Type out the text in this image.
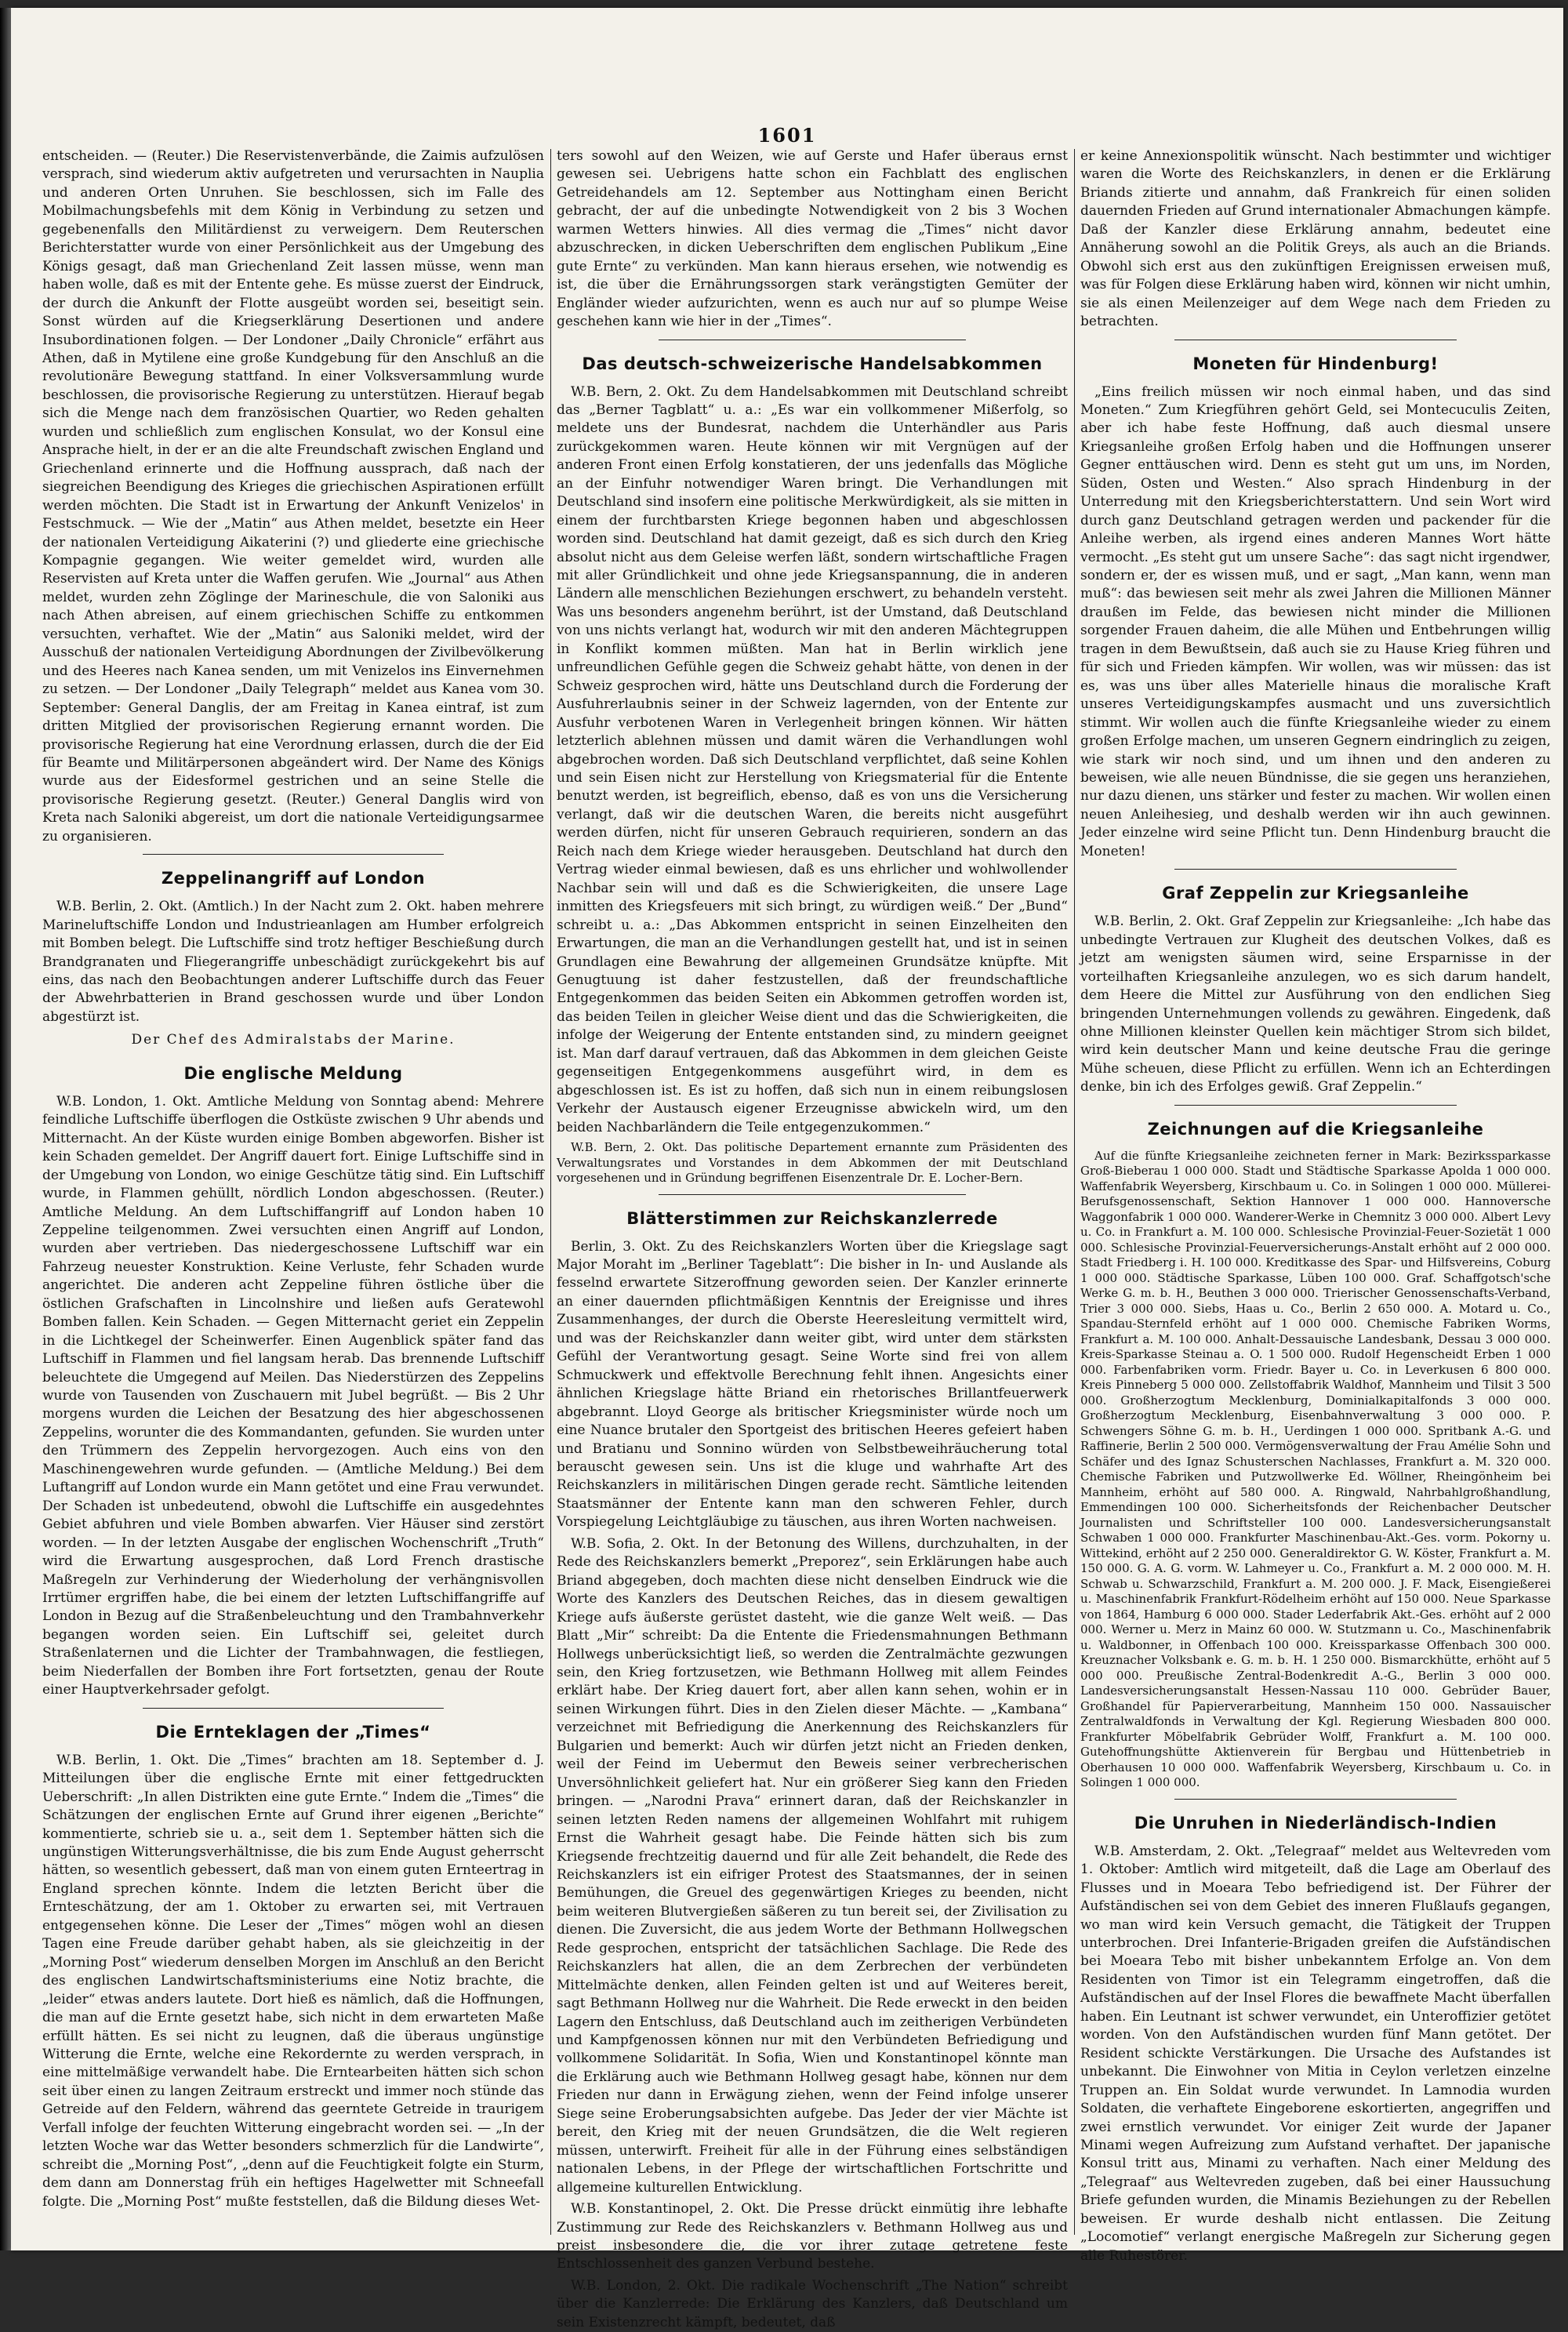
1601

entscheiden. — (Reuter.) Die Reservistenverbände, die Zaimis aufzulösen versprach, sind wiederum aktiv aufgetreten und verursachten in Naupliа und anderen Orten Unruhen. Sie beschlossen, sich im Falle des Mobilmachungsbefehls mit dem König in Verbindung zu setzen und gegebenenfalls den Militärdienst zu verweigern. Dem Reuterschen Berichterstatter wurde von einer Persönlichkeit aus der Umgebung des Königs gesagt, daß man Griechenland Zeit lassen müsse, wenn man haben wolle, daß es mit der Entente gehe. Es müsse zuerst der Eindruck, der durch die Ankunft der Flotte ausgeübt worden sei, beseitigt sein. Sonst würden auf die Kriegserklärung Desertionen und andere Insubordinationen folgen. — Der Londoner „Daily Chronicle“ erfährt aus Athen, daß in Mytilene eine große Kundgebung für den Anschluß an die revolutionäre Bewegung stattfand. In einer Volksversammlung wurde beschlossen, die provisorische Regierung zu unterstützen. Hierauf begab sich die Menge nach dem französischen Quartier, wo Reden gehalten wurden und schließlich zum englischen Konsulat, wo der Konsul eine Ansprache hielt, in der er an die alte Freundschaft zwischen England und Griechenland erinnerte und die Hoffnung aussprach, daß nach der siegreichen Beendigung des Krieges die griechischen Aspirationen erfüllt werden möchten. Die Stadt ist in Erwartung der Ankunft Venizelos' in Festschmuck. — Wie der „Matin“ aus Athen meldet, besetzte ein Heer der nationalen Verteidigung Aikaterini (?) und gliederte eine griechische Kompagnie gegangen. Wie weiter gemeldet wird, wurden alle Reservisten auf Kreta unter die Waffen gerufen. Wie „Journal“ aus Athen meldet, wurden zehn Zöglinge der Marineschule, die von Saloniki aus nach Athen abreisen, auf einem griechischen Schiffe zu entkommen versuchten, verhaftet. Wie der „Matin“ aus Saloniki meldet, wird der Ausschuß der nationalen Verteidigung Abordnungen der Zivilbevölkerung und des Heeres nach Kanea senden, um mit Venizelos ins Einvernehmen zu setzen. — Der Londoner „Daily Telegraph“ meldet aus Kanea vom 30. September: General Danglis, der am Freitag in Kanea eintraf, ist zum dritten Mitglied der provisorischen Regierung ernannt worden. Die provisorische Regierung hat eine Verordnung erlassen, durch die der Eid für Beamte und Militärpersonen abgeändert wird. Der Name des Königs wurde aus der Eidesformel gestrichen und an seine Stelle die provisorische Regierung gesetzt. (Reuter.) General Danglis wird von Kreta nach Saloniki abgereist, um dort die nationale Verteidigungsarmee zu organisieren.

Zeppelinangriff auf London

W.B. Berlin, 2. Okt. (Amtlich.) In der Nacht zum 2. Okt. haben mehrere Marineluftschiffe London und Industrieanlagen am Humber erfolgreich mit Bomben belegt. Die Luftschiffe sind trotz heftiger Beschießung durch Brandgranaten und Fliegerangriffe unbeschädigt zurückgekehrt bis auf eins, das nach den Beobachtungen anderer Luftschiffe durch das Feuer der Abwehrbatterien in Brand geschossen wurde und über London abgestürzt ist.

Der Chef des Admiralstabs der Marine.

Die englische Meldung

W.B. London, 1. Okt. Amtliche Meldung von Sonntag abend: Mehrere feindliche Luftschiffe überflogen die Ostküste zwischen 9 Uhr abends und Mitternacht. An der Küste wurden einige Bomben abgeworfen. Bisher ist kein Schaden gemeldet. Der Angriff dauert fort. Einige Luftschiffe sind in der Umgebung von London, wo einige Geschütze tätig sind. Ein Luftschiff wurde, in Flammen gehüllt, nördlich London abgeschossen. (Reuter.) Amtliche Meldung. An dem Luftschiffangriff auf London haben 10 Zeppeline teilgenommen. Zwei versuchten einen Angriff auf London, wurden aber vertrieben. Das niedergeschossene Luftschiff war ein Fahrzeug neuester Konstruktion. Keine Verluste, fehr Schaden wurde angerichtet. Die anderen acht Zeppeline führen östliche über die östlichen Grafschaften in Lincolnshire und ließen aufs Geratewohl Bomben fallen. Kein Schaden. — Gegen Mitternacht geriet ein Zeppelin in die Lichtkegel der Scheinwerfer. Einen Augenblick später fand das Luftschiff in Flammen und fiel langsam herab. Das brennende Luftschiff beleuchtete die Umgegend auf Meilen. Das Niederstürzen des Zeppelins wurde von Tausenden von Zuschauern mit Jubel begrüßt. — Bis 2 Uhr morgens wurden die Leichen der Besatzung des hier abgeschossenen Zeppelins, worunter die des Kommandanten, gefunden. Sie wurden unter den Trümmern des Zeppelin hervorgezogen. Auch eins von den Maschinengewehren wurde gefunden. — (Amtliche Meldung.) Bei dem Luftangriff auf London wurde ein Mann getötet und eine Frau verwundet. Der Schaden ist unbedeutend, obwohl die Luftschiffe ein ausgedehntes Gebiet abfuhren und viele Bomben abwarfen. Vier Häuser sind zerstört worden. — In der letzten Ausgabe der englischen Wochenschrift „Truth“ wird die Erwartung ausgesprochen, daß Lord French drastische Maßregeln zur Verhinderung der Wiederholung der verhängnisvollen Irrtümer ergriffen habe, die bei einem der letzten Luftschiffangriffe auf London in Bezug auf die Straßenbeleuchtung und den Trambahnverkehr begangen worden seien. Ein Luftschiff sei, geleitet durch Straßenlaternen und die Lichter der Trambahnwagen, die festliegen, beim Niederfallen der Bomben ihre Fort fortsetzten, genau der Route einer Hauptverkehrsader gefolgt.

Die Ernteklagen der „Times“

W.B. Berlin, 1. Okt. Die „Times“ brachten am 18. September d. J. Mitteilungen über die englische Ernte mit einer fettgedruckten Ueberschrift: „In allen Distrikten eine gute Ernte.“ Indem die „Times“ die Schätzungen der englischen Ernte auf Grund ihrer eigenen „Berichte“ kommentierte, schrieb sie u. a., seit dem 1. September hätten sich die ungünstigen Witterungsverhältnisse, die bis zum Ende August geherrscht hätten, so wesentlich gebessert, daß man von einem guten Ernteertrag in England sprechen könnte. Indem die letzten Bericht über die Ernteschätzung, der am 1. Oktober zu erwarten sei, mit Vertrauen entgegensehen könne. Die Leser der „Times“ mögen wohl an diesen Tagen eine Freude darüber gehabt haben, als sie gleichzeitig in der „Morning Post“ wiederum denselben Morgen im Anschluß an den Bericht des englischen Landwirtschaftsministeriums eine Notiz brachte, die „leider“ etwas anders lautete. Dort hieß es nämlich, daß die Hoffnungen, die man auf die Ernte gesetzt habe, sich nicht in dem erwarteten Maße erfüllt hätten. Es sei nicht zu leugnen, daß die überaus ungünstige Witterung die Ernte, welche eine Rekordernte zu werden versprach, in eine mittelmäßige verwandelt habe. Die Erntearbeiten hätten sich schon seit über einen zu langen Zeitraum erstreckt und immer noch stünde das Getreide auf den Feldern, während das geerntete Getreide in traurigem Verfall infolge der feuchten Witterung eingebracht worden sei. — „In der letzten Woche war das Wetter besonders schmerzlich für die Landwirte“, schreibt die „Morning Post“, „denn auf die Feuchtigkeit folgte ein Sturm, dem dann am Donnerstag früh ein heftiges Hagelwetter mit Schneefall folgte. Die „Morning Post“ mußte feststellen, daß die Bildung dieses Wet-

ters sowohl auf den Weizen, wie auf Gerste und Hafer überaus ernst gewesen sei. Uebrigens hatte schon ein Fachblatt des englischen Getreidehandels am 12. September aus Nottingham einen Bericht gebracht, der auf die unbedingte Notwendigkeit von 2 bis 3 Wochen warmen Wetters hinwies. All dies vermag die „Times“ nicht davor abzuschrecken, in dicken Ueberschriften dem englischen Publikum „Eine gute Ernte“ zu verkünden. Man kann hieraus ersehen, wie notwendig es ist, die über die Ernährungssorgen stark verängstigten Gemüter der Engländer wieder aufzurichten, wenn es auch nur auf so plumpe Weise geschehen kann wie hier in der „Times“.

Das deutsch-schweizerische Handelsabkommen

W.B. Bern, 2. Okt. Zu dem Handelsabkommen mit Deutschland schreibt das „Berner Tagblatt“ u. a.: „Es war ein vollkommener Mißerfolg, so meldete uns der Bundesrat, nachdem die Unterhändler aus Paris zurückgekommen waren. Heute können wir mit Vergnügen auf der anderen Front einen Erfolg konstatieren, der uns jedenfalls das Mögliche an der Einfuhr notwendiger Waren bringt. Die Verhandlungen mit Deutschland sind insofern eine politische Merkwürdigkeit, als sie mitten in einem der furchtbarsten Kriege begonnen haben und abgeschlossen worden sind. Deutschland hat damit gezeigt, daß es sich durch den Krieg absolut nicht aus dem Geleise werfen läßt, sondern wirtschaftliche Fragen mit aller Gründlichkeit und ohne jede Kriegsanspannung, die in anderen Ländern alle menschlichen Beziehungen erschwert, zu behandeln versteht. Was uns besonders angenehm berührt, ist der Umstand, daß Deutschland von uns nichts verlangt hat, wodurch wir mit den anderen Mächtegruppen in Konflikt kommen müßten. Man hat in Berlin wirklich jene unfreundlichen Gefühle gegen die Schweiz gehabt hätte, von denen in der Schweiz gesprochen wird, hätte uns Deutschland durch die Forderung der Ausfuhrerlaubnis seiner in der Schweiz lagernden, von der Entente zur Ausfuhr verbotenen Waren in Verlegenheit bringen können. Wir hätten letzterlich ablehnen müssen und damit wären die Verhandlungen wohl abgebrochen worden. Daß sich Deutschland verpflichtet, daß seine Kohlen und sein Eisen nicht zur Herstellung von Kriegsmaterial für die Entente benutzt werden, ist begreiflich, ebenso, daß es von uns die Versicherung verlangt, daß wir die deutschen Waren, die bereits nicht ausgeführt werden dürfen, nicht für unseren Gebrauch requirieren, sondern an das Reich nach dem Kriege wieder herausgeben. Deutschland hat durch den Vertrag wieder einmal bewiesen, daß es uns ehrlicher und wohlwollender Nachbar sein will und daß es die Schwierigkeiten, die unsere Lage inmitten des Kriegsfeuers mit sich bringt, zu würdigen weiß.“ Der „Bund“ schreibt u. a.: „Das Abkommen entspricht in seinen Einzelheiten den Erwartungen, die man an die Verhandlungen gestellt hat, und ist in seinen Grundlagen eine Bewahrung der allgemeinen Grundsätze knüpfte. Mit Genugtuung ist daher festzustellen, daß der freundschaftliche Entgegenkommen das beiden Seiten ein Abkommen getroffen worden ist, das beiden Teilen in gleicher Weise dient und das die Schwierigkeiten, die infolge der Weigerung der Entente entstanden sind, zu mindern geeignet ist. Man darf darauf vertrauen, daß das Abkommen in dem gleichen Geiste gegenseitigen Entgegenkommens ausgeführt wird, in dem es abgeschlossen ist. Es ist zu hoffen, daß sich nun in einem reibungslosen Verkehr der Austausch eigener Erzeugnisse abwickeln wird, um den beiden Nachbarländern die Teile entgegenzukommen.“

W.B. Bern, 2. Okt. Das politische Departement ernannte zum Präsidenten des Verwaltungsrates und Vorstandes in dem Abkommen der mit Deutschland vorgesehenen und in Gründung begriffenen Eisenzentrale Dr. E. Locher-Bern.

Blätterstimmen zur Reichskanzlerrede

Berlin, 3. Okt. Zu des Reichskanzlers Worten über die Kriegslage sagt Major Moraht im „Berliner Tageblatt“: Die bisher in In- und Auslande als fesselnd erwartete Sitzeroffnung geworden seien. Der Kanzler erinnerte an einer dauernden pflichtmäßigen Kenntnis der Ereignisse und ihres Zusammenhanges, der durch die Oberste Heeresleitung vermittelt wird, und was der Reichskanzler dann weiter gibt, wird unter dem stärksten Gefühl der Verantwortung gesagt. Seine Worte sind frei von allem Schmuckwerk und effektvolle Berechnung fehlt ihnen. Angesichts einer ähnlichen Kriegslage hätte Briand ein rhetorisches Brillantfeuerwerk abgebrannt. Lloyd George als britischer Kriegsminister würde noch um eine Nuance brutaler den Sportgeist des britischen Heeres gefeiert haben und Bratianu und Sonnino würden von Selbstbeweihräucherung total berauscht gewesen sein. Uns ist die kluge und wahrhafte Art des Reichskanzlers in militärischen Dingen gerade recht. Sämtliche leitenden Staatsmänner der Entente kann man den schweren Fehler, durch Vorspiegelung Leichtgläubige zu täuschen, aus ihren Worten nachweisen.

W.B. Sofia, 2. Okt. In der Betonung des Willens, durchzuhalten, in der Rede des Reichskanzlers bemerkt „Preporez“, sein Erklärungen habe auch Briand abgegeben, doch machten diese nicht denselben Eindruck wie die Worte des Kanzlers des Deutschen Reiches, das in diesem gewaltigen Kriege aufs äußerste gerüstet dasteht, wie die ganze Welt weiß. — Das Blatt „Mir“ schreibt: Da die Entente die Friedensmahnungen Bethmann Hollwegs unberücksichtigt ließ, so werden die Zentralmächte gezwungen sein, den Krieg fortzusetzen, wie Bethmann Hollweg mit allem Feindes erklärt habe. Der Krieg dauert fort, aber allen kann sehen, wohin er in seinen Wirkungen führt. Dies in den Zielen dieser Mächte. — „Kambana“ verzeichnet mit Befriedigung die Anerkennung des Reichskanzlers für Bulgarien und bemerkt: Auch wir dürfen jetzt nicht an Frieden denken, weil der Feind im Uebermut den Beweis seiner verbrecherischen Unversöhnlichkeit geliefert hat. Nur ein größerer Sieg kann den Frieden bringen. — „Narodni Prava“ erinnert daran, daß der Reichskanzler in seinen letzten Reden namens der allgemeinen Wohlfahrt mit ruhigem Ernst die Wahrheit gesagt habe. Die Feinde hätten sich bis zum Kriegsende frechtzeitig dauernd und für alle Zeit behandelt, die Rede des Reichskanzlers ist ein eifriger Protest des Staatsmannes, der in seinen Bemühungen, die Greuel des gegenwärtigen Krieges zu beenden, nicht beim weiteren Blutvergießen säßeren zu tun bereit sei, der Zivilisation zu dienen. Die Zuversicht, die aus jedem Worte der Bethmann Hollwegschen Rede gesprochen, entspricht der tatsächlichen Sachlage. Die Rede des Reichskanzlers hat allen, die an dem Zerbrechen der verbündeten Mittelmächte denken, allen Feinden gelten ist und auf Weiteres bereit, sagt Bethmann Hollweg nur die Wahrheit. Die Rede erweckt in den beiden Lagern den Entschluss, daß Deutschland auch im zeitherigen Verbündeten und Kampfgenossen können nur mit den Verbündeten Befriedigung und vollkommene Solidarität. In Sofia, Wien und Konstantinopel könnte man die Erklärung auch wie Bethmann Hollweg gesagt habe, können nur dem Frieden nur dann in Erwägung ziehen, wenn der Feind infolge unserer Siege seine Eroberungsabsichten aufgebe. Das Jeder der vier Mächte ist bereit, den Krieg mit der neuen Grundsätzen, die die Welt regieren müssen, unterwirft. Freiheit für alle in der Führung eines selbständigen nationalen Lebens, in der Pflege der wirtschaftlichen Fortschritte und allgemeine kulturellen Entwicklung.

W.B. Konstantinopel, 2. Okt. Die Presse drückt einmütig ihre lebhafte Zustimmung zur Rede des Reichskanzlers v. Bethmann Hollweg aus und preist insbesondere die, die vor ihrer zutage getretene feste Entschlossenheit des ganzen Verbund bestehe.

W.B. London, 2. Okt. Die radikale Wochenschrift „The Nation“ schreibt über die Kanzlerrede: Die Erklärung des Kanzlers, daß Deutschland um sein Existenzrecht kämpft, bedeutet, daß

er keine Annexionspolitik wünscht. Nach bestimmter und wichtiger waren die Worte des Reichskanzlers, in denen er die Erklärung Briands zitierte und annahm, daß Frankreich für einen soliden dauernden Frieden auf Grund internationaler Abmachungen kämpfe. Daß der Kanzler diese Erklärung annahm, bedeutet eine Annäherung sowohl an die Politik Greys, als auch an die Briands. Obwohl sich erst aus den zukünftigen Ereignissen erweisen muß, was für Folgen diese Erklärung haben wird, können wir nicht umhin, sie als einen Meilenzeiger auf dem Wege nach dem Frieden zu betrachten.

Moneten für Hindenburg!

„Eins freilich müssen wir noch einmal haben, und das sind Moneten.“ Zum Kriegführen gehört Geld, sei Montecuculis Zeiten, aber ich habe feste Hoffnung, daß auch diesmal unsere Kriegsanleihe großen Erfolg haben und die Hoffnungen unserer Gegner enttäuschen wird. Denn es steht gut um uns, im Norden, Süden, Osten und Westen.“ Also sprach Hindenburg in der Unterredung mit den Kriegsberichterstattern. Und sein Wort wird durch ganz Deutschland getragen werden und packender für die Anleihe werben, als irgend eines anderen Mannes Wort hätte vermocht. „Es steht gut um unsere Sache“: das sagt nicht irgendwer, sondern er, der es wissen muß, und er sagt, „Man kann, wenn man muß“: das bewiesen seit mehr als zwei Jahren die Millionen Männer draußen im Felde, das bewiesen nicht minder die Millionen sorgender Frauen daheim, die alle Mühen und Entbehrungen willig tragen in dem Bewußtsein, daß auch sie zu Hause Krieg führen und für sich und Frieden kämpfen. Wir wollen, was wir müssen: das ist es, was uns über alles Materielle hinaus die moralische Kraft unseres Verteidigungskampfes ausmacht und uns zuversichtlich stimmt. Wir wollen auch die fünfte Kriegsanleihe wieder zu einem großen Erfolge machen, um unseren Gegnern eindringlich zu zeigen, wie stark wir noch sind, und um ihnen und den anderen zu beweisen, wie alle neuen Bündnisse, die sie gegen uns heranziehen, nur dazu dienen, uns stärker und fester zu machen. Wir wollen einen neuen Anleihesieg, und deshalb werden wir ihn auch gewinnen. Jeder einzelne wird seine Pflicht tun. Denn Hindenburg braucht die Moneten!

Graf Zeppelin zur Kriegsanleihe

W.B. Berlin, 2. Okt. Graf Zeppelin zur Kriegsanleihe: „Ich habe das unbedingte Vertrauen zur Klugheit des deutschen Volkes, daß es jetzt am wenigsten säumen wird, seine Ersparnisse in der vorteilhaften Kriegsanleihe anzulegen, wo es sich darum handelt, dem Heere die Mittel zur Ausführung von den endlichen Sieg bringenden Unternehmungen vollends zu gewähren. Eingedenk, daß ohne Millionen kleinster Quellen kein mächtiger Strom sich bildet, wird kein deutscher Mann und keine deutsche Frau die geringe Mühe scheuen, diese Pflicht zu erfüllen. Wenn ich an Echterdingen denke, bin ich des Erfolges gewiß. Graf Zeppelin.“

Zeichnungen auf die Kriegsanleihe

Auf die fünfte Kriegsanleihe zeichneten ferner in Mark: Bezirkssparkasse Groß-Bieberau 1 000 000. Stadt und Städtische Sparkasse Apolda 1 000 000. Waffenfabrik Weyersberg, Kirschbaum u. Co. in Solingen 1 000 000. Müllerei-Berufsgenossenschaft, Sektion Hannover 1 000 000. Hannoversche Waggonfabrik 1 000 000. Wanderer-Werke in Chemnitz 3 000 000. Albert Levy u. Co. in Frankfurt a. M. 100 000. Schlesische Provinzial-Feuer-Sozietät 1 000 000. Schlesische Provinzial-Feuerversicherungs-Anstalt erhöht auf 2 000 000. Stadt Friedberg i. H. 100 000. Kreditkasse des Spar- und Hilfsvereins, Coburg 1 000 000. Städtische Sparkasse, Lüben 100 000. Graf. Schaffgotsch'sche Werke G. m. b. H., Beuthen 3 000 000. Trierischer Genossenschafts-Verband, Trier 3 000 000. Siebs, Haas u. Co., Berlin 2 650 000. A. Motard u. Co., Spandau-Sternfeld erhöht auf 1 000 000. Chemische Fabriken Worms, Frankfurt a. M. 100 000. Anhalt-Dessauische Landesbank, Dessau 3 000 000. Kreis-Sparkasse Steinau a. O. 1 500 000. Rudolf Hegenscheidt Erben 1 000 000. Farbenfabriken vorm. Friedr. Bayer u. Co. in Leverkusen 6 800 000. Kreis Pinneberg 5 000 000. Zellstoffabrik Waldhof, Mannheim und Tilsit 3 500 000. Großherzogtum Mecklenburg, Dominialkapitalfonds 3 000 000. Großherzogtum Mecklenburg, Eisenbahnverwaltung 3 000 000. P. Schwengers Söhne G. m. b. H., Uerdingen 1 000 000. Spritbank A.-G. und Raffinerie, Berlin 2 500 000. Vermögensverwaltung der Frau Amélie Sohn und Schäfer und des Ignaz Schusterschen Nachlasses, Frankfurt a. M. 320 000. Chemische Fabriken und Putzwollwerke Ed. Wöllner, Rheingönheim bei Mannheim, erhöht auf 580 000. A. Ringwald, Nahrbahlgroßhandlung, Emmendingen 100 000. Sicherheitsfonds der Reichenbacher Deutscher Journalisten und Schriftsteller 100 000. Landesversicherungsanstalt Schwaben 1 000 000. Frankfurter Maschinenbau-Akt.-Ges. vorm. Pokorny u. Wittekind, erhöht auf 2 250 000. Generaldirektor G. W. Köster, Frankfurt a. M. 150 000. G. A. G. vorm. W. Lahmeyer u. Co., Frankfurt a. M. 2 000 000. M. H. Schwab u. Schwarzschild, Frankfurt a. M. 200 000. J. F. Mack, Eisengießerei u. Maschinenfabrik Frankfurt-Rödelheim erhöht auf 150 000. Neue Sparkasse von 1864, Hamburg 6 000 000. Stader Lederfabrik Akt.-Ges. erhöht auf 2 000 000. Werner u. Merz in Mainz 60 000. W. Stutzmann u. Co., Maschinenfabrik u. Waldbonner, in Offenbach 100 000. Kreissparkasse Offenbach 300 000. Kreuznacher Volksbank e. G. m. b. H. 1 250 000. Bismarckhütte, erhöht auf 5 000 000. Preußische Zentral-Bodenkredit A.-G., Berlin 3 000 000. Landesversicherungsanstalt Hessen-Nassau 110 000. Gebrüder Bauer, Großhandel für Papierverarbeitung, Mannheim 150 000. Nassauischer Zentralwaldfonds in Verwaltung der Kgl. Regierung Wiesbaden 800 000. Frankfurter Möbelfabrik Gebrüder Wolff, Frankfurt a. M. 100 000. Gutehoffnungshütte Aktienverein für Bergbau und Hüttenbetrieb in Oberhausen 10 000 000. Waffenfabrik Weyersberg, Kirschbaum u. Co. in Solingen 1 000 000.

Die Unruhen in Niederländisch-Indien

W.B. Amsterdam, 2. Okt. „Telegraaf“ meldet aus Weltevreden vom 1. Oktober: Amtlich wird mitgeteilt, daß die Lage am Oberlauf des Flusses und in Moeara Tebo befriedigend ist. Der Führer der Aufständischen sei von dem Gebiet des inneren Flußlaufs gegangen, wo man wird kein Versuch gemacht, die Tätigkeit der Truppen unterbrochen. Drei Infanterie-Brigaden greifen die Aufständischen bei Moeara Tebo mit bisher unbekanntem Erfolge an. Von dem Residenten von Timor ist ein Telegramm eingetroffen, daß die Aufständischen auf der Insel Flores die bewaffnete Macht überfallen haben. Ein Leutnant ist schwer verwundet, ein Unteroffizier getötet worden. Von den Aufständischen wurden fünf Mann getötet. Der Resident schickte Verstärkungen. Die Ursache des Aufstandes ist unbekannt. Die Einwohner von Mitia in Ceylon verletzen einzelne Truppen an. Ein Soldat wurde verwundet. In Lamnodia wurden Soldaten, die verhaftete Eingeborene eskortierten, angegriffen und zwei ernstlich verwundet. Vor einiger Zeit wurde der Japaner Minami wegen Aufreizung zum Aufstand verhaftet. Der japanische Konsul tritt aus, Minami zu verhaften. Nach einer Meldung des „Telegraaf“ aus Weltevreden zugeben, daß bei einer Haussuchung Briefe gefunden wurden, die Minamis Beziehungen zu der Rebellen beweisen. Er wurde deshalb nicht entlassen. Die Zeitung „Locomotief“ verlangt energische Maßregeln zur Sicherung gegen alle Ruhestörer.
